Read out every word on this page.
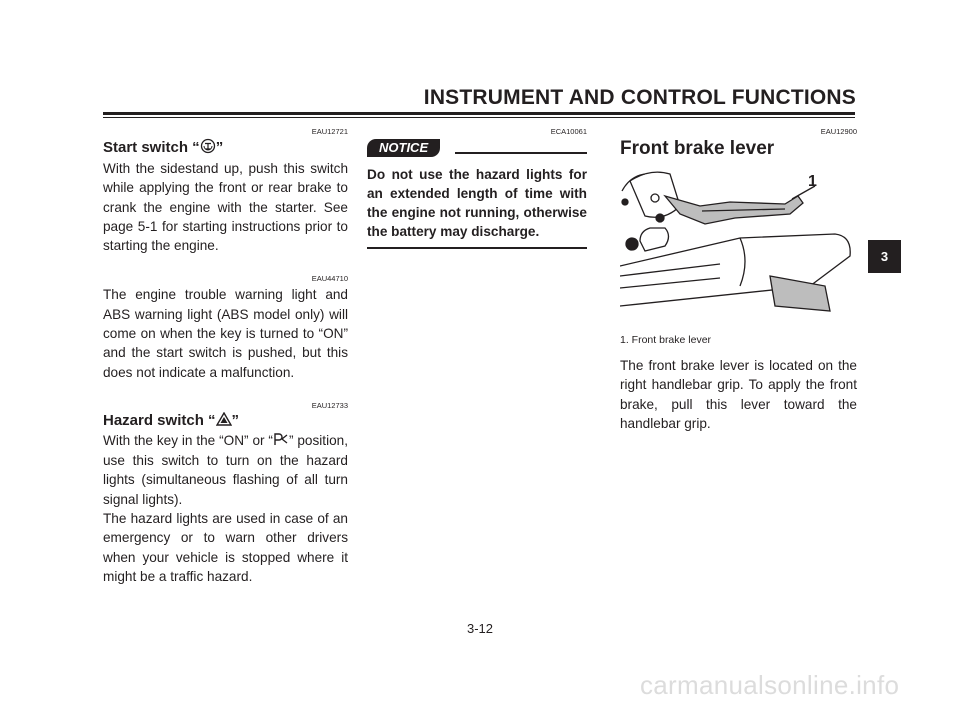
INSTRUMENT AND CONTROL FUNCTIONS
EAU12721
Start switch “ ”

With the sidestand up, push this switch while applying the front or rear brake to crank the engine with the starter. See page 5-1 for starting instructions prior to starting the engine.

EAU44710

The engine trouble warning light and ABS warning light (ABS model only) will come on when the key is turned to “ON” and the start switch is pushed, but this does not indicate a malfunction.

EAU12733
Hazard switch “ ”

With the key in the “ON” or “ ” position, use this switch to turn on the hazard lights (simultaneous flashing of all turn signal lights).

The hazard lights are used in case of an emergency or to warn other drivers when your vehicle is stopped where it might be a traffic hazard.

ECA10061
NOTICE
Do not use the hazard lights for an extended length of time with the engine not running, otherwise the battery may discharge.
EAU12900
Front brake lever
1
1. Front brake lever

The front brake lever is located on the right handlebar grip. To apply the front brake, pull this lever toward the handlebar grip.

3
3-12
carmanualsonline.info
